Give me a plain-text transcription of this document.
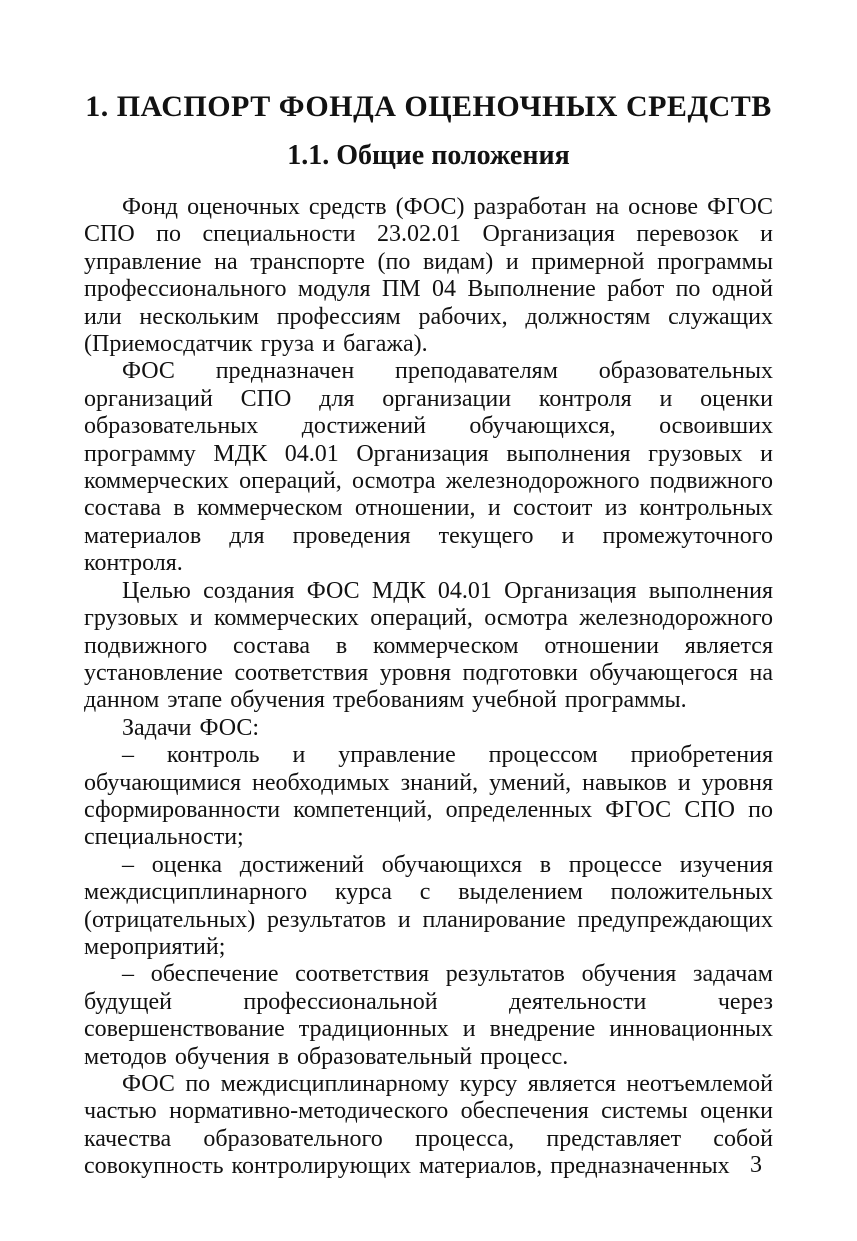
1. ПАСПОРТ ФОНДА ОЦЕНОЧНЫХ СРЕДСТВ
1.1. Общие положения

Фонд оценочных средств (ФОС) разработан на основе ФГОС СПО по специальности 23.02.01 Организация перевозок и управление на транспорте (по видам) и примерной программы профессионального модуля ПМ 04 Выполнение работ по одной или нескольким профессиям рабочих, должностям служащих (Приемосдатчик груза и багажа).

ФОС предназначен преподавателям образовательных организаций СПО для организации контроля и оценки образовательных достижений обучающихся, освоивших программу МДК 04.01 Организация выполнения грузовых и коммерческих операций, осмотра железнодорожного подвижного состава в коммерческом отношении, и состоит из контрольных материалов для проведения текущего и промежуточного контроля.

Целью создания ФОС МДК 04.01 Организация выполнения грузовых и коммерческих операций, осмотра железнодорожного подвижного состава в коммерческом отношении является установление соответствия уровня подготовки обучающегося на данном этапе обучения требованиям учебной программы.

Задачи ФОС:

– контроль и управление процессом приобретения обучающимися необходимых знаний, умений, навыков и уровня сформированности компетенций, определенных ФГОС СПО по специальности;

– оценка достижений обучающихся в процессе изучения междисциплинарного курса с выделением положительных (отрицательных) результатов и планирование предупреждающих мероприятий;

– обеспечение соответствия результатов обучения задачам будущей профессиональной деятельности через совершенствование традиционных и внедрение инновационных методов обучения в образовательный процесс.

ФОС по междисциплинарному курсу является неотъемлемой частью нормативно-методического обеспечения системы оценки качества образовательного процесса, представляет собой совокупность контролирующих материалов, предназначенных 3
